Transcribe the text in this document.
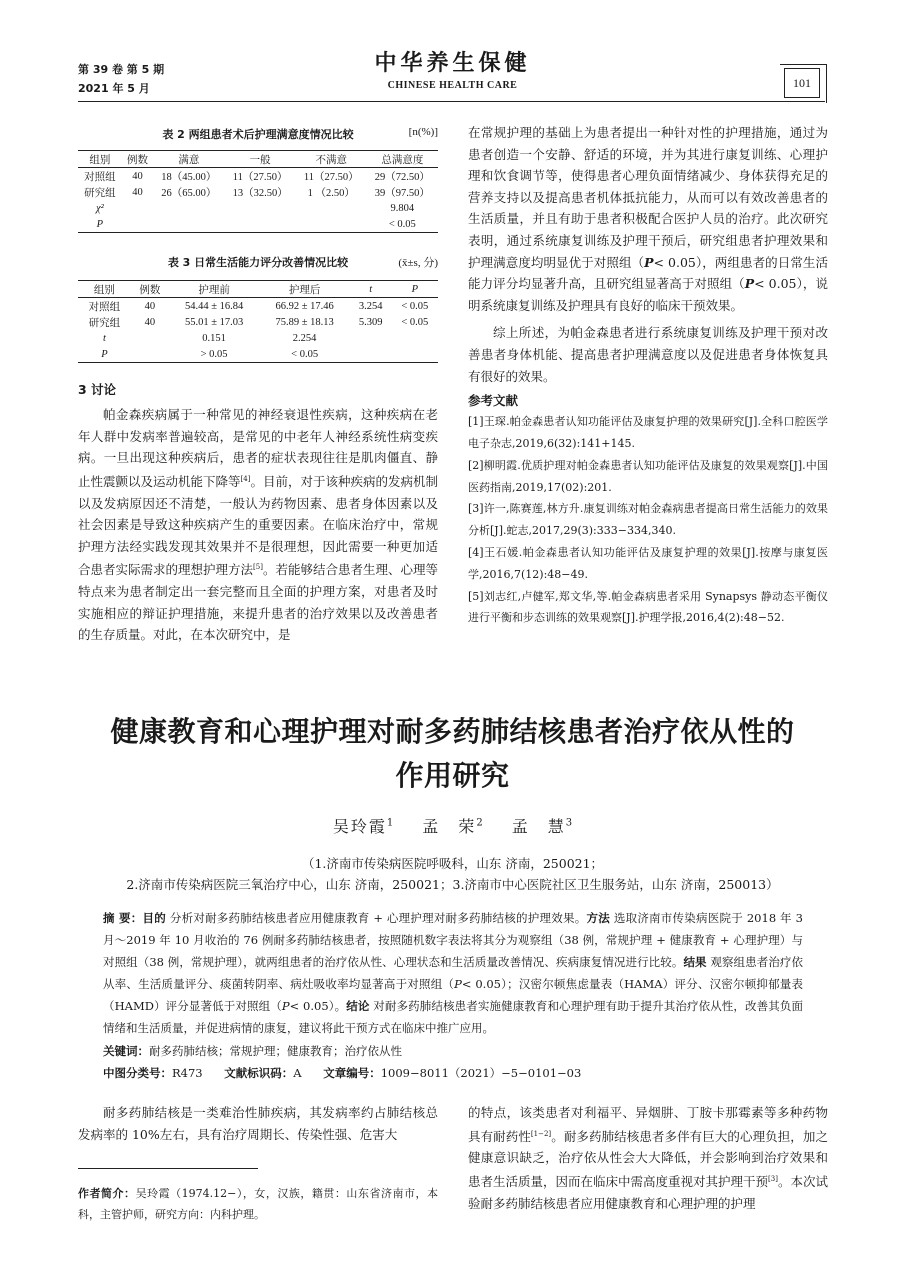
第 39 卷 第 5 期
2021 年 5 月
中华养生保健
CHINESE HEALTH CARE	101
表 2 两组患者术后护理满意度情况比较	[n(%)]
组别	例数	满意	一般	不满意	总满意度
对照组	40	18（45.00）	11（27.50）	11（27.50）	29（72.50）
研究组	40	26（65.00）	13（32.50）	1 （2.50）	39（97.50）
χ²					9.804
P					< 0.05
表 3 日常生活能力评分改善情况比较	(x̄±s, 分)
组别	例数	护理前	护理后	t	P
对照组	40	54.44 ± 16.84	66.92 ± 17.46	3.254	< 0.05
研究组	40	55.01 ± 17.03	75.89 ± 18.13	5.309	< 0.05
t		0.151	2.254		
P		> 0.05	< 0.05		
3 讨论

帕金森疾病属于一种常见的神经衰退性疾病，这种疾病在老年人群中发病率普遍较高，是常见的中老年人神经系统性病变疾病。一旦出现这种疾病后，患者的症状表现往往是肌肉僵直、静止性震颤以及运动机能下降等[4]。目前，对于该种疾病的发病机制以及发病原因还不清楚，一般认为药物因素、患者身体因素以及社会因素是导致这种疾病产生的重要因素。在临床治疗中，常规护理方法经实践发现其效果并不是很理想，因此需要一种更加适合患者实际需求的理想护理方法[5]。若能够结合患者生理、心理等特点来为患者制定出一套完整而且全面的护理方案，对患者及时实施相应的辩证护理措施，来提升患者的治疗效果以及改善患者的生存质量。对此，在本次研究中，是

在常规护理的基础上为患者提出一种针对性的护理措施，通过为患者创造一个安静、舒适的环境，并为其进行康复训练、心理护理和饮食调节等，使得患者心理负面情绪减少、身体获得充足的营养支持以及提高患者机体抵抗能力，从而可以有效改善患者的生活质量，并且有助于患者积极配合医护人员的治疗。此次研究表明，通过系统康复训练及护理干预后，研究组患者护理效果和护理满意度均明显优于对照组（P< 0.05），两组患者的日常生活能力评分均显著升高，且研究组显著高于对照组（P< 0.05），说明系统康复训练及护理具有良好的临床干预效果。

综上所述，为帕金森患者进行系统康复训练及护理干预对改善患者身体机能、提高患者护理满意度以及促进患者身体恢复具有很好的效果。

参考文献
[1]王琛.帕金森患者认知功能评估及康复护理的效果研究[J].全科口腔医学电子杂志,2019,6(32):141+145.
[2]柳明霞.优质护理对帕金森患者认知功能评估及康复的效果观察[J].中国医药指南,2019,17(02):201.
[3]许一,陈赛莲,林方升.康复训练对帕金森病患者提高日常生活能力的效果分析[J].蛇志,2017,29(3):333−334,340.
[4]王石媛.帕金森患者认知功能评估及康复护理的效果[J].按摩与康复医学,2016,7(12):48−49.
[5]刘志红,卢健军,郑文华,等.帕金森病患者采用 Synapsys 静动态平衡仪进行平衡和步态训练的效果观察[J].护理学报,2016,4(2):48−52.
健康教育和心理护理对耐多药肺结核患者治疗依从性的
作用研究
吴玲霞$^1$ 孟　荣$^2$ 孟　慧$^3$
（1.济南市传染病医院呼吸科，山东 济南，250021；
2.济南市传染病医院三氧治疗中心，山东 济南，250021；3.济南市中心医院社区卫生服务站，山东 济南，250013）
摘 要：目的 分析对耐多药肺结核患者应用健康教育 + 心理护理对耐多药肺结核的护理效果。方法 选取济南市传染病医院于 2018 年 3 月～2019 年 10 月收治的 76 例耐多药肺结核患者，按照随机数字表法将其分为观察组（38 例，常规护理 + 健康教育 + 心理护理）与对照组（38 例，常规护理），就两组患者的治疗依从性、心理状态和生活质量改善情况、疾病康复情况进行比较。结果 观察组患者治疗依从率、生活质量评分、痰菌转阴率、病灶吸收率均显著高于对照组（P< 0.05）；汉密尔顿焦虑量表（HAMA）评分、汉密尔顿抑郁量表（HAMD）评分显著低于对照组（P< 0.05）。结论 对耐多药肺结核患者实施健康教育和心理护理有助于提升其治疗依从性，改善其负面情绪和生活质量，并促进病情的康复，建议将此干预方式在临床中推广应用。
关键词：耐多药肺结核；常规护理；健康教育；治疗依从性
中图分类号：R473 文献标识码：A 文章编号：1009−8011（2021）−5−0101−03

耐多药肺结核是一类难治性肺疾病，其发病率约占肺结核总发病率的 10%左右，具有治疗周期长、传染性强、危害大

的特点，该类患者对利福平、异烟肼、丁胺卡那霉素等多种药物具有耐药性[1−2]。耐多药肺结核患者多伴有巨大的心理负担，加之健康意识缺乏，治疗依从性会大大降低，并会影响到治疗效果和患者生活质量，因而在临床中需高度重视对其护理干预[3]。本次试验耐多药肺结核患者应用健康教育和心理护理的护理

作者简介：吴玲霞（1974.12−），女，汉族，籍贯：山东省济南市，本科，主管护师，研究方向：内科护理。
